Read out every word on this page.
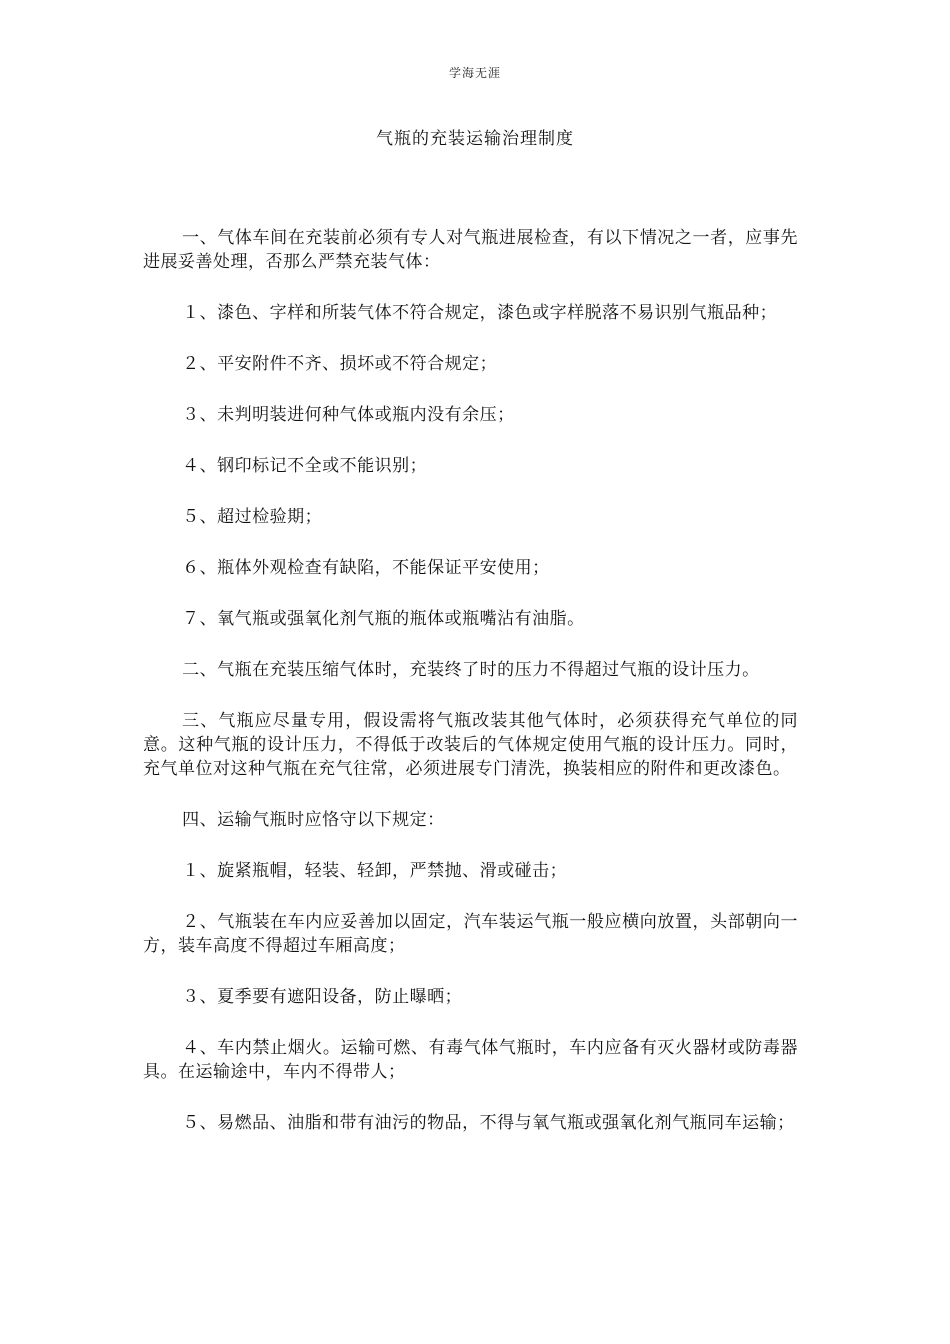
学海无涯
气瓶的充装运输治理制度

一、气体车间在充装前必须有专人对气瓶进展检查，有以下情况之一者，应事先进展妥善处理，否那么严禁充装气体：

１、漆色、字样和所装气体不符合规定，漆色或字样脱落不易识别气瓶品种；

２、平安附件不齐、损坏或不符合规定；

３、未判明装进何种气体或瓶内没有余压；

４、钢印标记不全或不能识别；

５、超过检验期；

６、瓶体外观检查有缺陷，不能保证平安使用；

７、氧气瓶或强氧化剂气瓶的瓶体或瓶嘴沾有油脂。

二、气瓶在充装压缩气体时，充装终了时的压力不得超过气瓶的设计压力。

三、气瓶应尽量专用，假设需将气瓶改装其他气体时，必须获得充气单位的同意。这种气瓶的设计压力，不得低于改装后的气体规定使用气瓶的设计压力。同时，充气单位对这种气瓶在充气往常，必须进展专门清洗，换装相应的附件和更改漆色。

四、运输气瓶时应恪守以下规定：

１、旋紧瓶帽，轻装、轻卸，严禁抛、滑或碰击；

２、气瓶装在车内应妥善加以固定，汽车装运气瓶一般应横向放置，头部朝向一方，装车高度不得超过车厢高度；

３、夏季要有遮阳设备，防止曝晒；

４、车内禁止烟火。运输可燃、有毒气体气瓶时，车内应备有灭火器材或防毒器具。在运输途中，车内不得带人；

５、易燃品、油脂和带有油污的物品，不得与氧气瓶或强氧化剂气瓶同车运输；
